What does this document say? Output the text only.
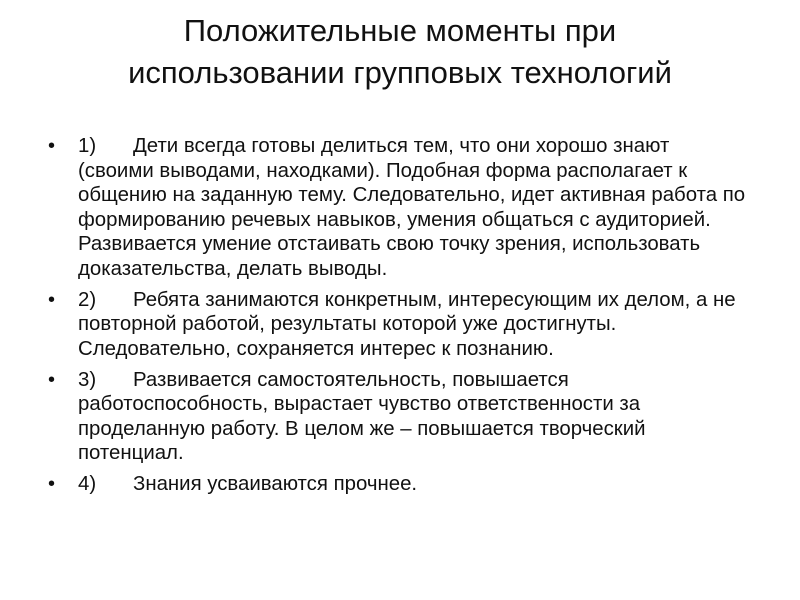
Положительные моменты при
использовании групповых технологий
• 1) Дети всегда готовы делиться тем, что они хорошо знают (своими выводами, находками). Подобная форма располагает к общению на заданную тему. Следовательно, идет активная работа по формированию речевых навыков, умения общаться с аудиторией. Развивается умение отстаивать свою точку зрения, использовать доказательства, делать выводы.
• 2) Ребята занимаются конкретным, интересующим их делом, а не повторной работой, результаты которой уже достигнуты. Следовательно, сохраняется интерес к познанию.
• 3) Развивается самостоятельность, повышается работоспособность, вырастает чувство ответственности за проделанную работу. В целом же – повышается творческий потенциал.
• 4) Знания усваиваются прочнее.
